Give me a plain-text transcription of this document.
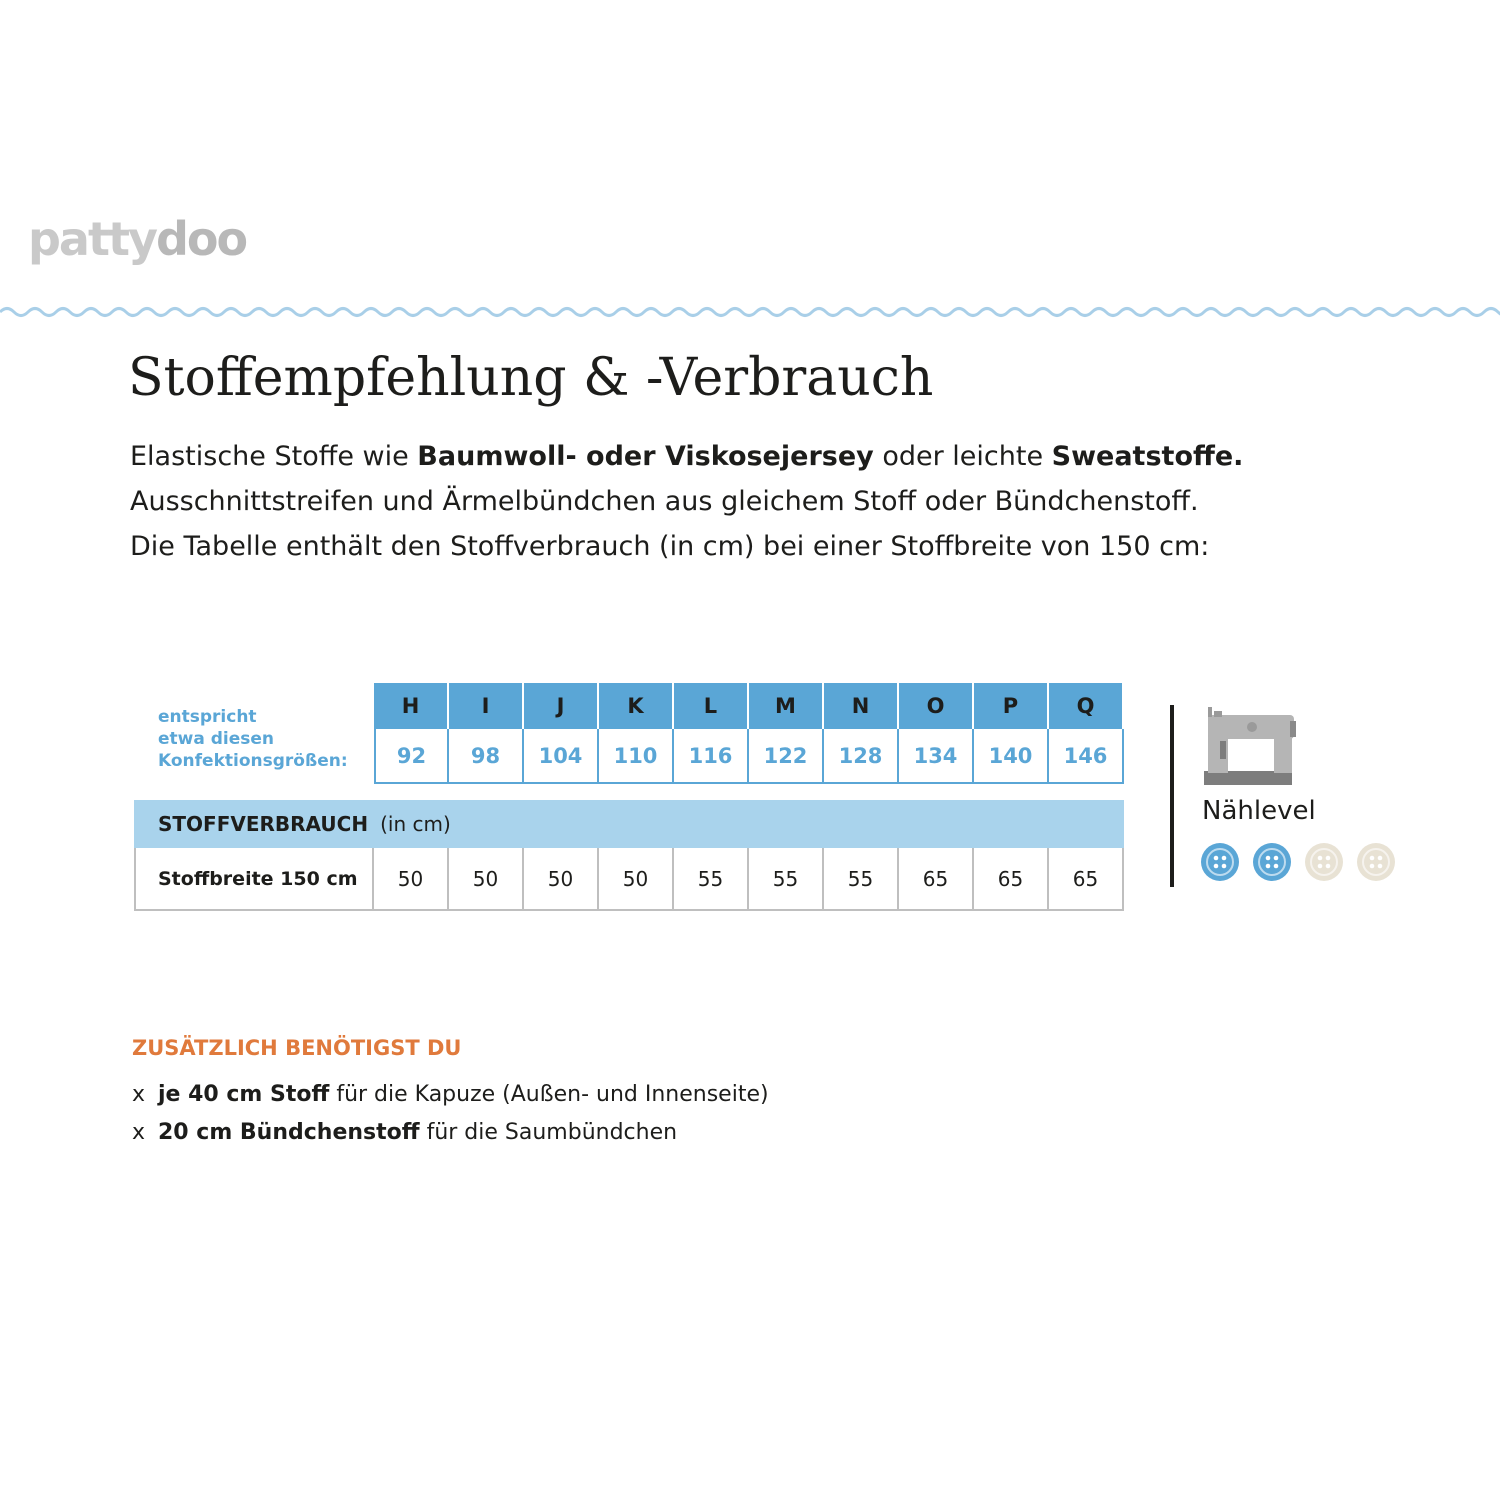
pattydoo
Stoffempfehlung & -Verbrauch

Elastische Stoffe wie Baumwoll- oder Viskosejersey oder leichte Sweatstoffe.

Ausschnittstreifen und Ärmelbündchen aus gleichem Stoff oder Bündchenstoff.

Die Tabelle enthält den Stoffverbrauch (in cm) bei einer Stoffbreite von 150 cm:

entspricht
etwa diesen
Konfektionsgrößen:
H	I	J	K	L	M	N	O	P	Q
92	98	104	110	116	122	128	134	140	146
STOFFVERBRAUCH (in cm)
Stoffbreite 150 cm	50	50	50	50	55	55	55	65	65	65
Nählevel
ZUSÄTZLICH BENÖTIGST DU
x je 40 cm Stoff für die Kapuze (Außen- und Innenseite)
x 20 cm Bündchenstoff für die Saumbündchen
